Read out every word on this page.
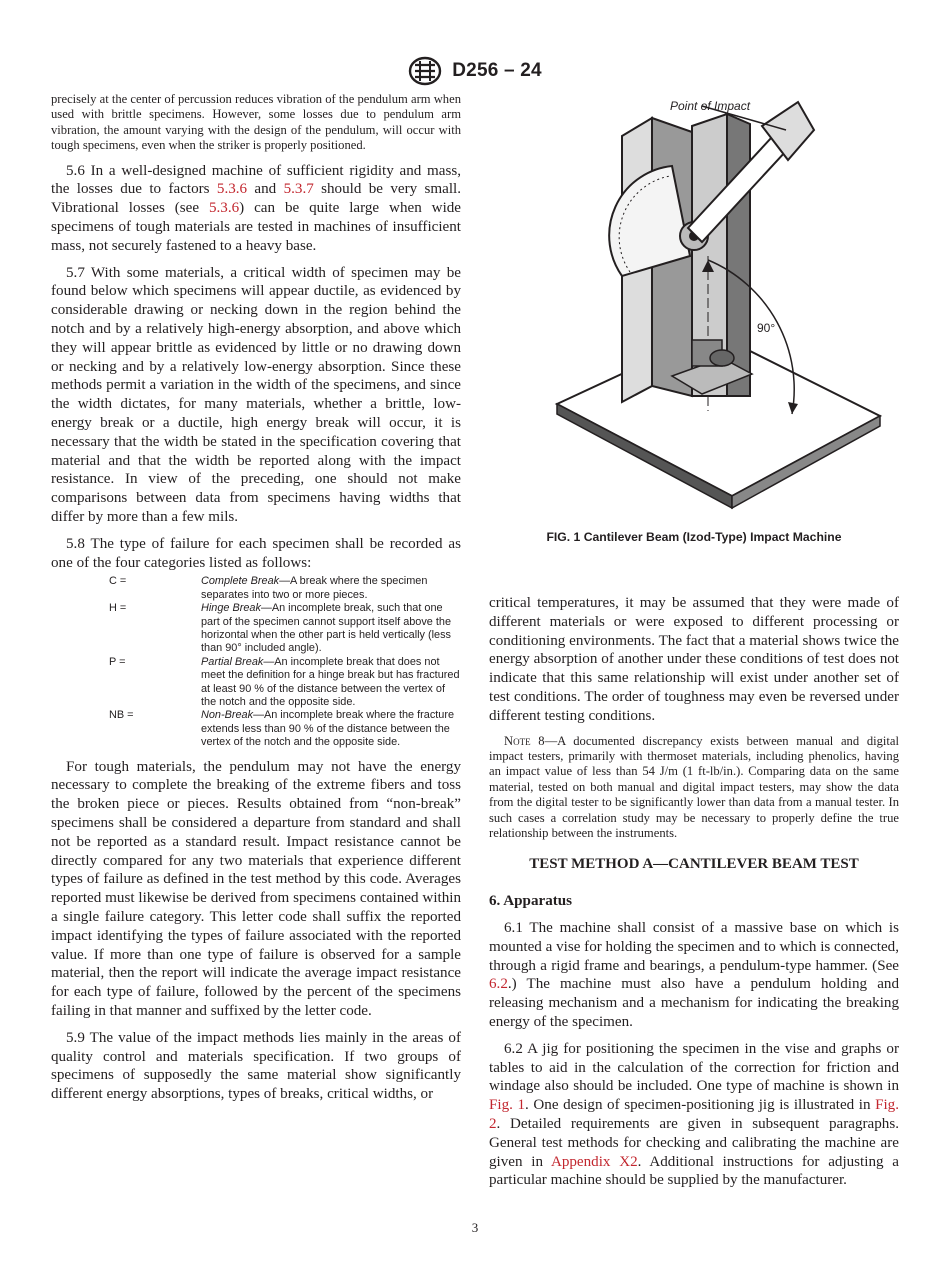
D256 – 24

precisely at the center of percussion reduces vibration of the pendulum arm when used with brittle specimens. However, some losses due to pendulum arm vibration, the amount varying with the design of the pendulum, will occur with tough specimens, even when the striker is properly positioned.

5.6 In a well-designed machine of sufficient rigidity and mass, the losses due to factors 5.3.6 and 5.3.7 should be very small. Vibrational losses (see 5.3.6) can be quite large when wide specimens of tough materials are tested in machines of insufficient mass, not securely fastened to a heavy base.

5.7 With some materials, a critical width of specimen may be found below which specimens will appear ductile, as evidenced by considerable drawing or necking down in the region behind the notch and by a relatively high-energy absorption, and above which they will appear brittle as evidenced by little or no drawing down or necking and by a relatively low-energy absorption. Since these methods permit a variation in the width of the specimens, and since the width dictates, for many materials, whether a brittle, low-energy break or a ductile, high energy break will occur, it is necessary that the width be stated in the specification covering that material and that the width be reported along with the impact resistance. In view of the preceding, one should not make comparisons between data from specimens having widths that differ by more than a few mils.

5.8 The type of failure for each specimen shall be recorded as one of the four categories listed as follows:

C =	Complete Break—A break where the specimen separates into two or more pieces.
H =	Hinge Break—An incomplete break, such that one part of the specimen cannot support itself above the horizontal when the other part is held vertically (less than 90° included angle).
P =	Partial Break—An incomplete break that does not meet the definition for a hinge break but has fractured at least 90 % of the distance between the vertex of the notch and the opposite side.
NB =	Non-Break—An incomplete break where the fracture extends less than 90 % of the distance between the vertex of the notch and the opposite side.

For tough materials, the pendulum may not have the energy necessary to complete the breaking of the extreme fibers and toss the broken piece or pieces. Results obtained from “non-break” specimens shall be considered a departure from standard and shall not be reported as a standard result. Impact resistance cannot be directly compared for any two materials that experience different types of failure as defined in the test method by this code. Averages reported must likewise be derived from specimens contained within a single failure category. This letter code shall suffix the reported impact identifying the types of failure associated with the reported value. If more than one type of failure is observed for a sample material, then the report will indicate the average impact resistance for each type of failure, followed by the percent of the specimens failing in that manner and suffixed by the letter code.

5.9 The value of the impact methods lies mainly in the areas of quality control and materials specification. If two groups of specimens of supposedly the same material show significantly different energy absorptions, types of breaks, critical widths, or

Point of Impact
90°
FIG. 1 Cantilever Beam (Izod-Type) Impact Machine

critical temperatures, it may be assumed that they were made of different materials or were exposed to different processing or conditioning environments. The fact that a material shows twice the energy absorption of another under these conditions of test does not indicate that this same relationship will exist under another set of test conditions. The order of toughness may even be reversed under different testing conditions.

Note 8—A documented discrepancy exists between manual and digital impact testers, primarily with thermoset materials, including phenolics, having an impact value of less than 54 J/m (1 ft-lb/in.). Comparing data on the same material, tested on both manual and digital impact testers, may show the data from the digital tester to be significantly lower than data from a manual tester. In such cases a correlation study may be necessary to properly define the true relationship between the instruments.

TEST METHOD A—CANTILEVER BEAM TEST
6. Apparatus

6.1 The machine shall consist of a massive base on which is mounted a vise for holding the specimen and to which is connected, through a rigid frame and bearings, a pendulum-type hammer. (See 6.2.) The machine must also have a pendulum holding and releasing mechanism and a mechanism for indicating the breaking energy of the specimen.

6.2 A jig for positioning the specimen in the vise and graphs or tables to aid in the calculation of the correction for friction and windage also should be included. One type of machine is shown in Fig. 1. One design of specimen-positioning jig is illustrated in Fig. 2. Detailed requirements are given in subsequent paragraphs. General test methods for checking and calibrating the machine are given in Appendix X2. Additional instructions for adjusting a particular machine should be supplied by the manufacturer.

3
